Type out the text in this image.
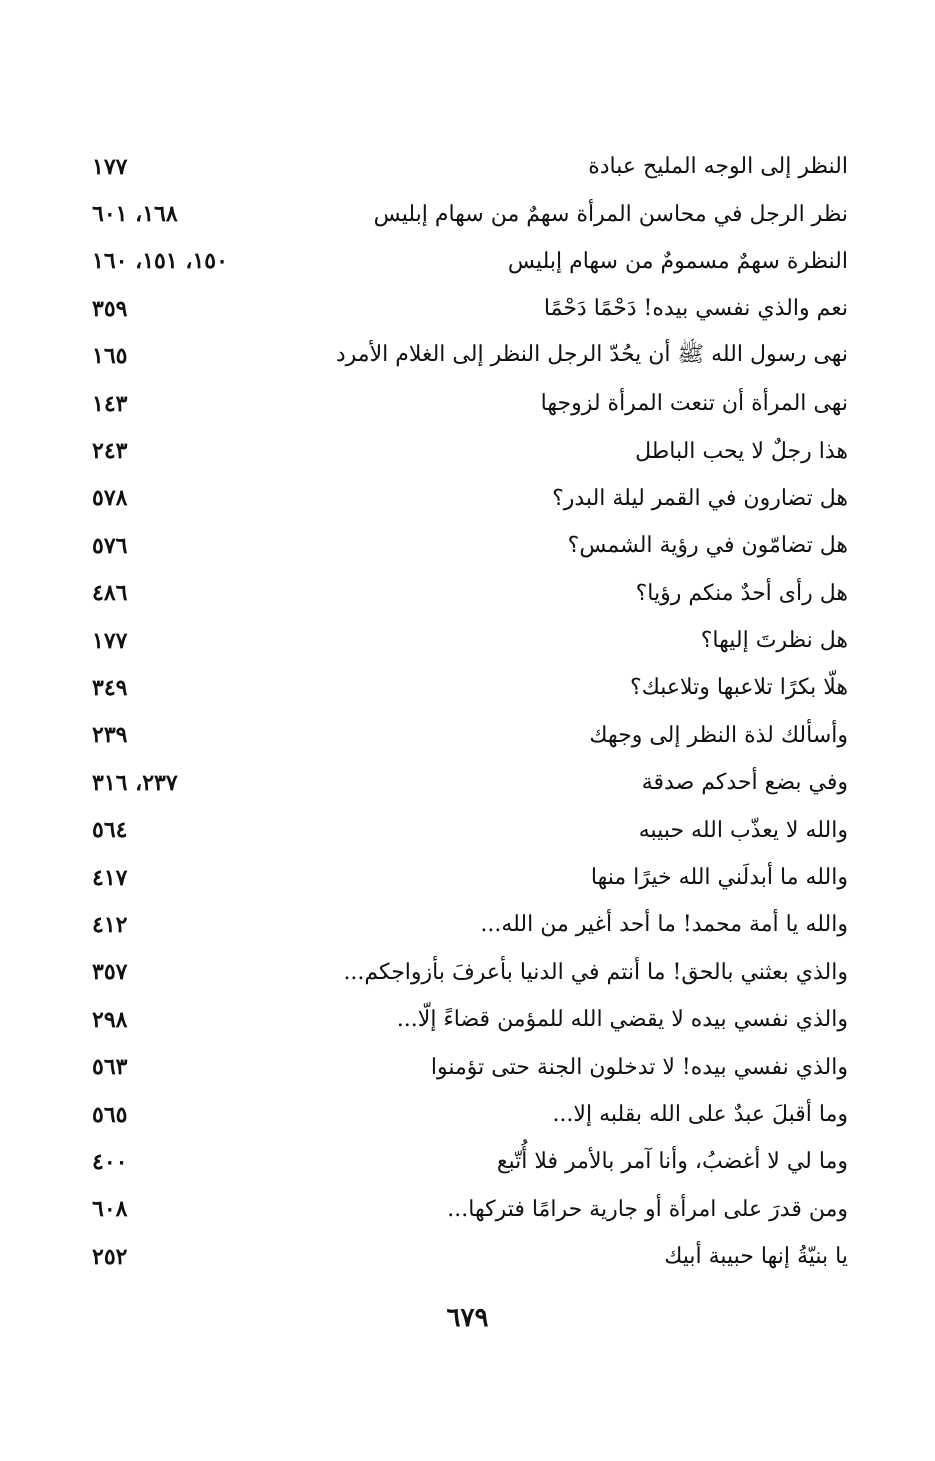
النظر إلى الوجه المليح عبادة
١٧٧
نظر الرجل في محاسن المرأة سهمٌ من سهام إبليس
١٦٨، ٦٠١
النظرة سهمٌ مسمومٌ من سهام إبليس
١٥٠، ١٥١، ١٦٠
نعم والذي نفسي بيده! دَحْمًا دَحْمًا
٣٥٩
نهى رسول الله ﷺ أن يحُدّ الرجل النظر إلى الغلام الأمرد
١٦٥
نهى المرأة أن تنعت المرأة لزوجها
١٤٣
هذا رجلٌ لا يحب الباطل
٢٤٣
هل تضارون في القمر ليلة البدر؟
٥٧٨
هل تضامّون في رؤية الشمس؟
٥٧٦
هل رأى أحدٌ منكم رؤيا؟
٤٨٦
هل نظرتَ إليها؟
١٧٧
هلّا بكرًا تلاعبها وتلاعبك؟
٣٤٩
وأسألك لذة النظر إلى وجهك
٢٣٩
وفي بضع أحدكم صدقة
٢٣٧، ٣١٦
والله لا يعذّب الله حبيبه
٥٦٤
والله ما أبدلَني الله خيرًا منها
٤١٧
والله يا أمة محمد! ما أحد أغير من الله...
٤١٢
والذي بعثني بالحق! ما أنتم في الدنيا بأعرفَ بأزواجكم...
٣٥٧
والذي نفسي بيده لا يقضي الله للمؤمن قضاءً إلّا...
٢٩٨
والذي نفسي بيده! لا تدخلون الجنة حتى تؤمنوا
٥٦٣
وما أقبلَ عبدٌ على الله بقلبه إلا...
٥٦٥
وما لي لا أغضبُ، وأنا آمر بالأمر فلا أُتّبع
٤٠٠
ومن قدرَ على امرأة أو جارية حرامًا فتركها...
٦٠٨
يا بنيّةُ إنها حبيبة أبيك
٢٥٢
٦٧٩
